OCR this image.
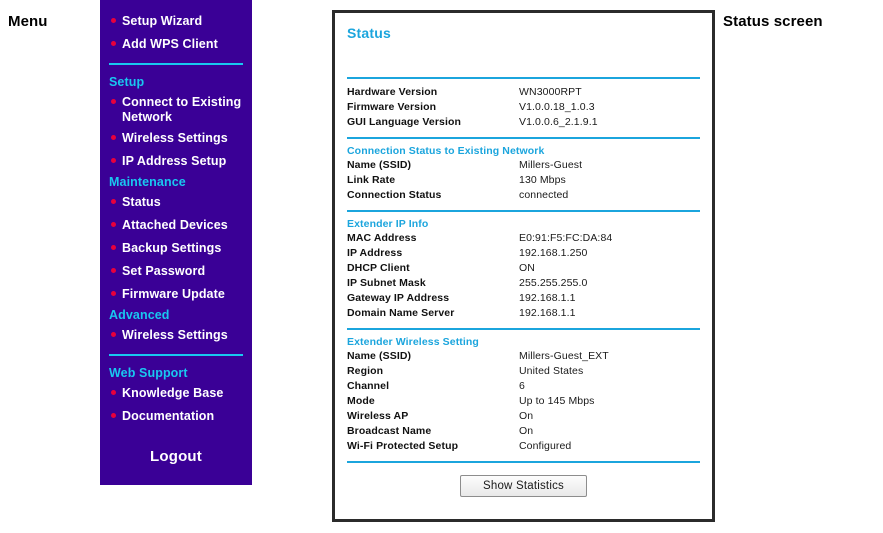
Menu	Status screen
Setup Wizard
Add WPS Client
Setup
Connect to Existing Network
Wireless Settings
IP Address Setup
Maintenance
Status
Attached Devices
Backup Settings
Set Password
Firmware Update
Advanced
Wireless Settings
Web Support
Knowledge Base
Documentation
Logout
Status
Hardware Version	WN3000RPT
Firmware Version	V1.0.0.18_1.0.3
GUI Language Version	V1.0.0.6_2.1.9.1
Connection Status to Existing Network
Name (SSID)	Millers-Guest
Link Rate	130 Mbps
Connection Status	connected
Extender IP Info
MAC Address	E0:91:F5:FC:DA:84
IP Address	192.168.1.250
DHCP Client	ON
IP Subnet Mask	255.255.255.0
Gateway IP Address	192.168.1.1
Domain Name Server	192.168.1.1
Extender Wireless Setting
Name (SSID)	Millers-Guest_EXT
Region	United States
Channel	6
Mode	Up to 145 Mbps
Wireless AP	On
Broadcast Name	On
Wi-Fi Protected Setup	Configured
Show Statistics
